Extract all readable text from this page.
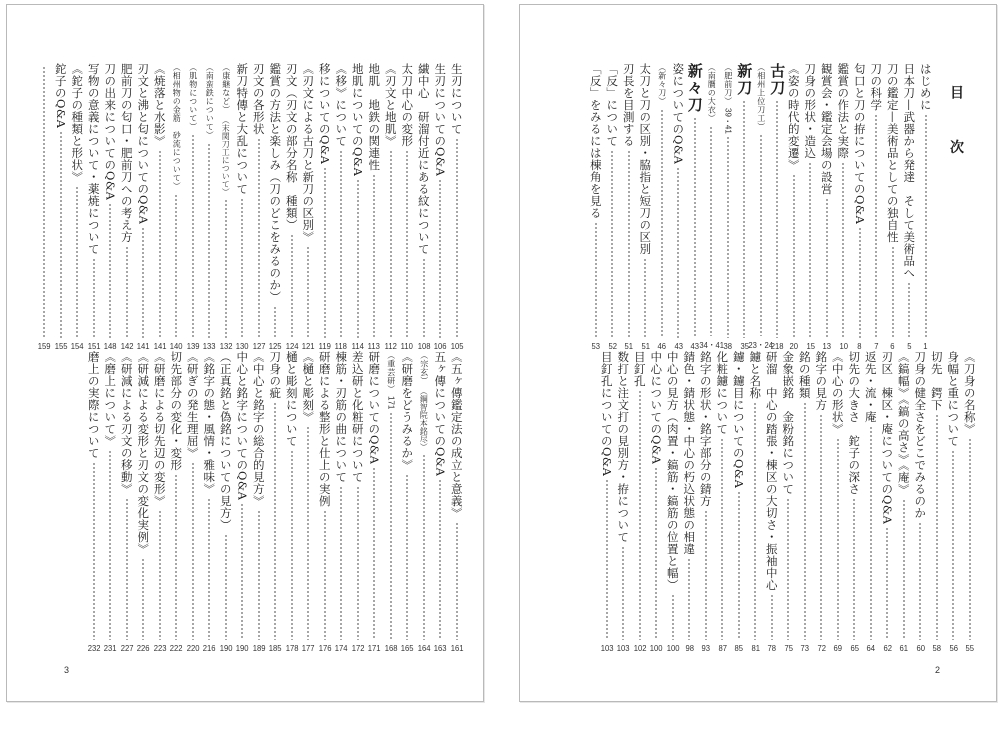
生刃について
105
生刃についてのQ&A
106
繊中心　研溜付近にある紋について
108
太刀中心の変形
110
《刃文と地肌》
112
地肌　地鉄の関連性
113
地肌についてのQ&A
114
《移》について
118
移についてのQ&A
119
《刃文による古刀と新刀の区別》
121
刃文（刃文の部分名称　種類）
124
鑑賞の方法と楽しみ（刀のどこをみるのか）
125
刃文の各形状
127
新刀特傳と大乱について
130
（康継など）
（末関刀工について）
132
（南蛮鉄について）
133
（肌物について）
139
（相州物の金筋　砂流について）
140
《焼落と水影》
141
刃文と沸と匂についてのQ&A
141
肥前刀の匂口・肥前刀への考え方
142
刀の出来についてのQ&A
148
写物の意義について・薬焼について
151
《鉈子の種類と形状》
154
鉈子のQ&A
155
159
《五ヶ傳鑑定法の成立と意義》
161
五ヶ傳についてのQ&A
163
（宗玄）
（鋼智院本銘尽）
164
《研磨をどうみるか》
165
（重芸研）
171
168
研磨についてのQ&A
171
差込研と化粧研について
172
棟筋・刃筋の曲について
174
研磨による整形と仕上の実例
176
《樋と彫刻》
177
樋と彫刻について
178
刀身の疵
185
《中心と銘字の総合的見方》
189
中心と銘字についてのQ&A
190
（正真銘と偽銘についての見方）
190
《銘字の態・風情・雅味》
216
《研ぎの発生理屈》
220
切先部分の変化・変形
222
《研磨による切先辺の変形》
223
《研減による変形と刃文の変化実例》
226
《研減による刃文の移動》
227
《磨上について》
231
磨上の実際について
232
3
目 次
はじめに
1
日本刀—武器から発達　そして美術品へ
5
刀の鑑定—美術品としての独自性
6
刀の科学
7
匂口と刀の拵についてのQ&A
8
鑑賞の作法と実際
10
観賞会・鑑定会場の設営
13
刀身の形状・造込
15
《姿の時代的変遷》
20
古刀
218
（相州上位刀工）
23・24
新刀
35
（肥前刀）
39・41
38
（南贋の大衣）
34・41
新々刀
43
姿についてのQ&A
43
（新々刀）
46
太刀と刀の区別・脇指と短刀の区別
51
刃長を目測する
51
「反」について
52
「反」をみるには棟角を見る
53
《刀身の名称》
55
身幅と重について
56
切先　鍔下
58
刀身の健全さをどこでみるのか
60
《鎬幅》《鎬の高さ》《庵》
61
刃区　棟区・庵についてのQ&A
62
返先・流・庵
64
切先の大きさ　鉈子の深さ
65
《中心の形状》
69
銘字の見方
72
銘の種類
73
金象嵌銘　金粉銘について
75
研溜　中心の踏張・棟区の大切さ・振袖中心
78
鑢と名称
81
鑢・鑢目についてのQ&A
85
化粧鑢について
87
銘字の形状・銘字部分の錆方
93
錆色・錆状態・中心の朽込状態の相違
98
中心の見方（肉置・鎬筋・鎬筋の位置と幅）
100
中心についてのQ&A
100
目釘孔
102
数打と注文打の見別方・拵について
103
目釘孔についてのQ&A
103
2
